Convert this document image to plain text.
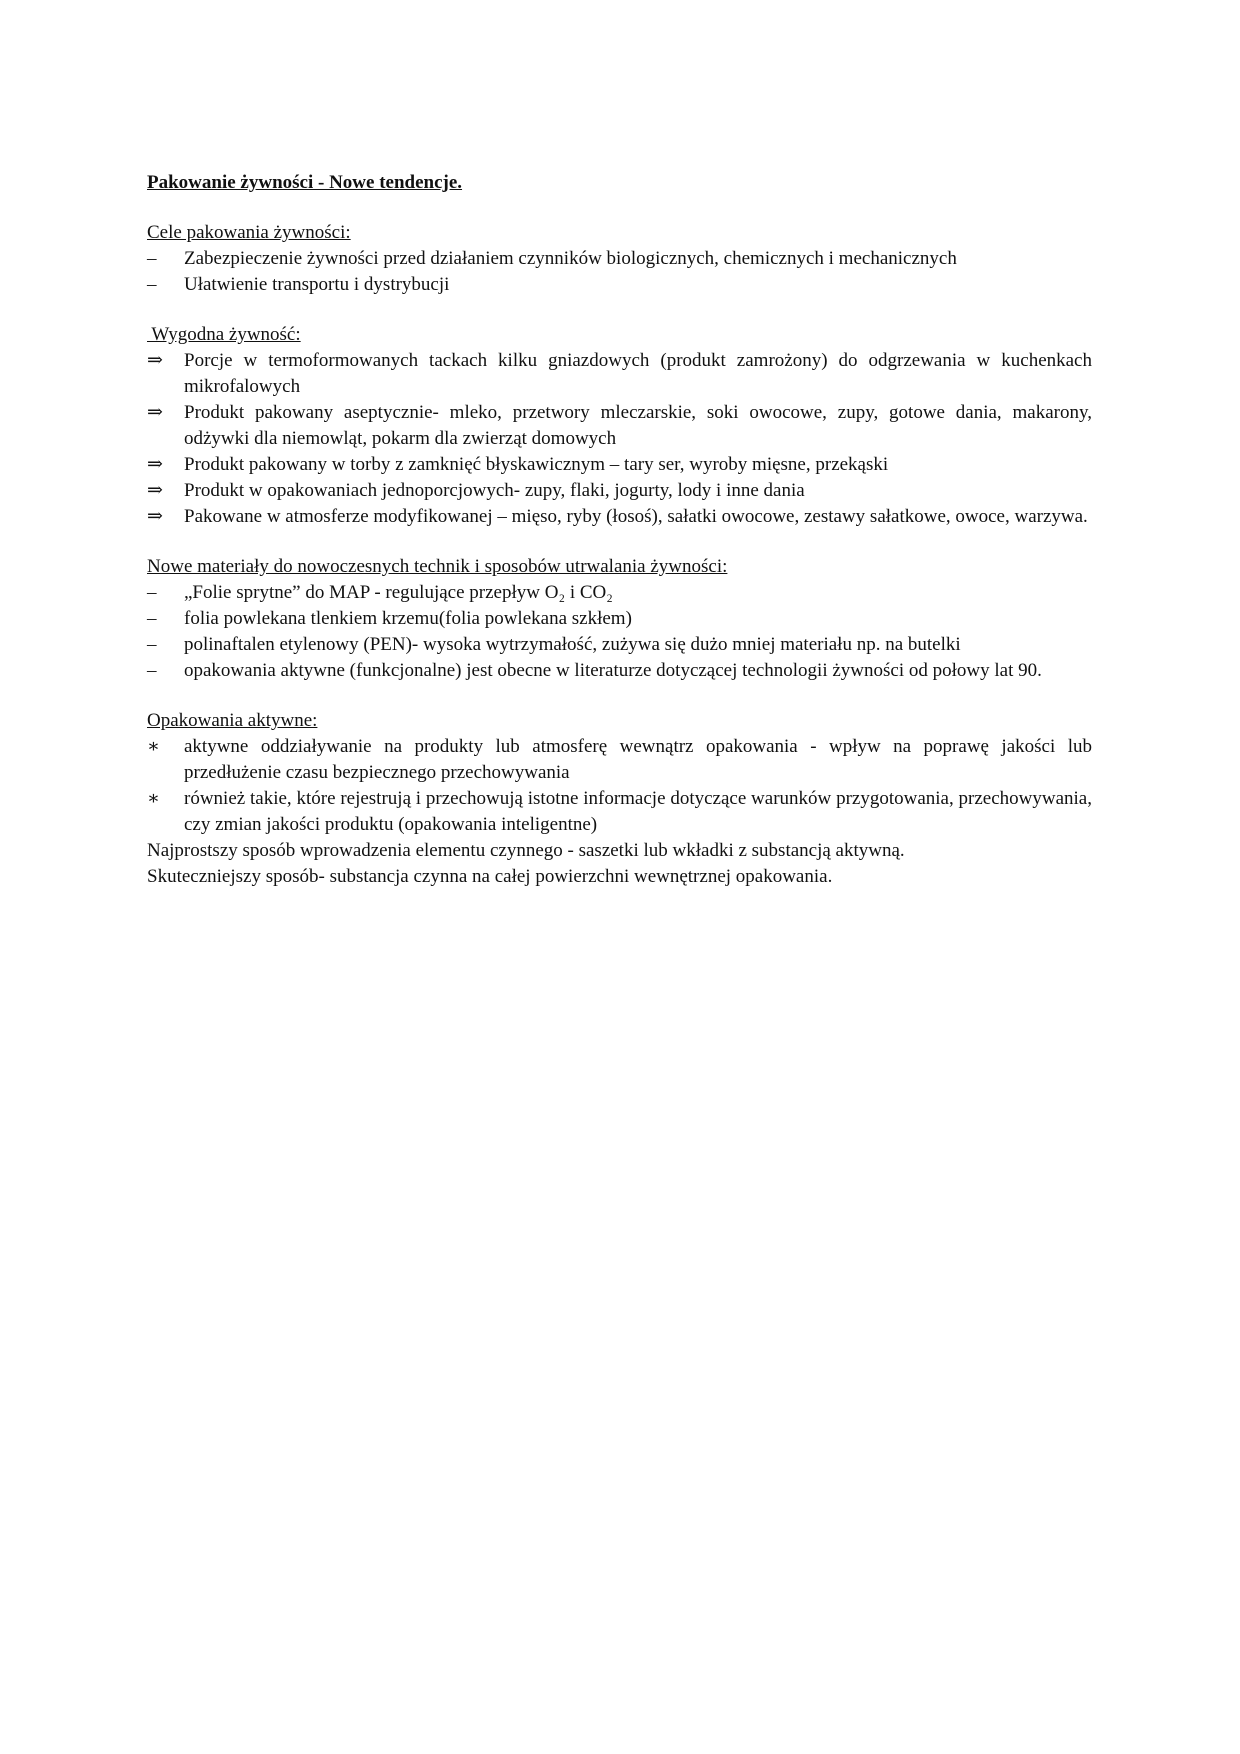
Pakowanie żywności - Nowe tendencje.

Cele pakowania żywności:

–	Zabezpieczenie żywności przed działaniem czynników biologicznych, chemicznych i mechanicznych
–	Ułatwienie transportu i dystrybucji

Wygodna żywność:

⇒	Porcje w termoformowanych tackach kilku gniazdowych (produkt zamrożony) do odgrzewania w kuchenkach mikrofalowych
⇒	Produkt pakowany aseptycznie- mleko, przetwory mleczarskie, soki owocowe, zupy, gotowe dania, makarony, odżywki dla niemowląt, pokarm dla zwierząt domowych
⇒	Produkt pakowany w torby z zamknięć błyskawicznym – tary ser, wyroby mięsne, przekąski
⇒	Produkt w opakowaniach jednoporcjowych- zupy, flaki, jogurty, lody i inne dania
⇒	Pakowane w atmosferze modyfikowanej – mięso, ryby (łosoś), sałatki owocowe, zestawy sałatkowe, owoce, warzywa.

Nowe materiały do nowoczesnych technik i sposobów utrwalania żywności:

–	„Folie sprytne” do MAP - regulujące przepływ O₂ i CO₂
–	folia powlekana tlenkiem krzemu(folia powlekana szkłem)
–	polinaftalen etylenowy (PEN)- wysoka wytrzymałość, zużywa się dużo mniej materiału np. na butelki
–	opakowania aktywne (funkcjonalne) jest obecne w literaturze dotyczącej technologii żywności od połowy lat 90.

Opakowania aktywne:

∗	aktywne oddziaływanie na produkty lub atmosferę wewnątrz opakowania - wpływ na poprawę jakości lub przedłużenie czasu bezpiecznego przechowywania
∗	również takie, które rejestrują i przechowują istotne informacje dotyczące warunków przygotowania, przechowywania, czy zmian jakości produktu (opakowania inteligentne)

Najprostszy sposób wprowadzenia elementu czynnego - saszetki lub wkładki z substancją aktywną.

Skuteczniejszy sposób- substancja czynna na całej powierzchni wewnętrznej opakowania.
